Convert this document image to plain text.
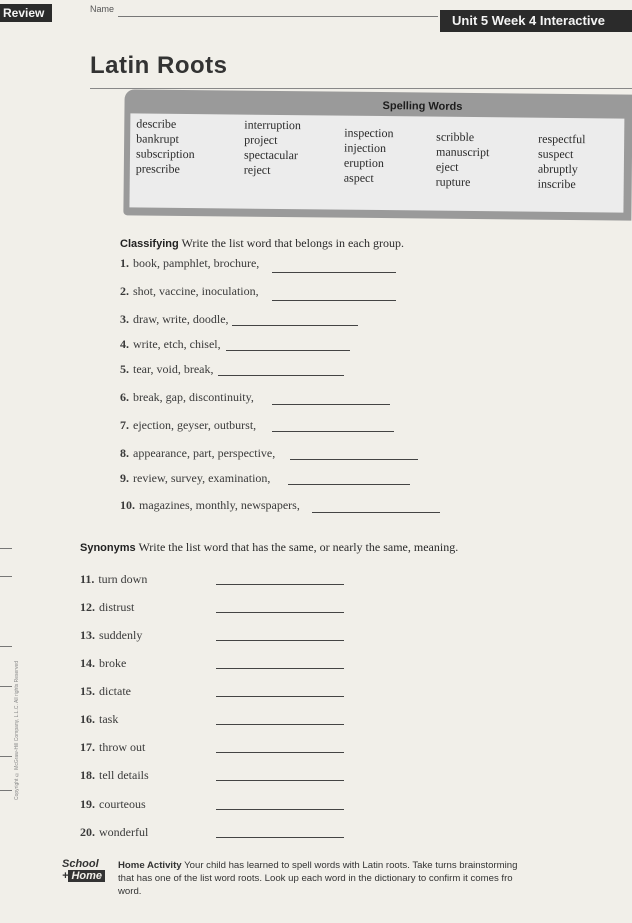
Review	Name
Unit 5 Week 4 Interactive
Latin Roots
Spelling Words
describe
bankrupt
subscription
prescribe
interruption
project
spectacular
reject
inspection
injection
eruption
aspect
scribble
manuscript
eject
rupture
respectful
suspect
abruptly
inscribe
Classifying Write the list word that belongs in each group.
1. book, pamphlet, brochure,
2. shot, vaccine, inoculation,
3. draw, write, doodle,
4. write, etch, chisel,
5. tear, void, break,
6. break, gap, discontinuity,
7. ejection, geyser, outburst,
8. appearance, part, perspective,
9. review, survey, examination,
10. magazines, monthly, newspapers,
Synonyms Write the list word that has the same, or nearly the same, meaning.
11. turn down
12. distrust
13. suddenly
14. broke
15. dictate
16. task
17. throw out
18. tell details
19. courteous
20. wonderful
Copyright © McGraw-Hill Company, L.L.C. All rights Reserved
School
+ Home
Home Activity Your child has learned to spell words with Latin roots. Take turns brainstorming
that has one of the list word roots. Look up each word in the dictionary to confirm it comes fro
word.
